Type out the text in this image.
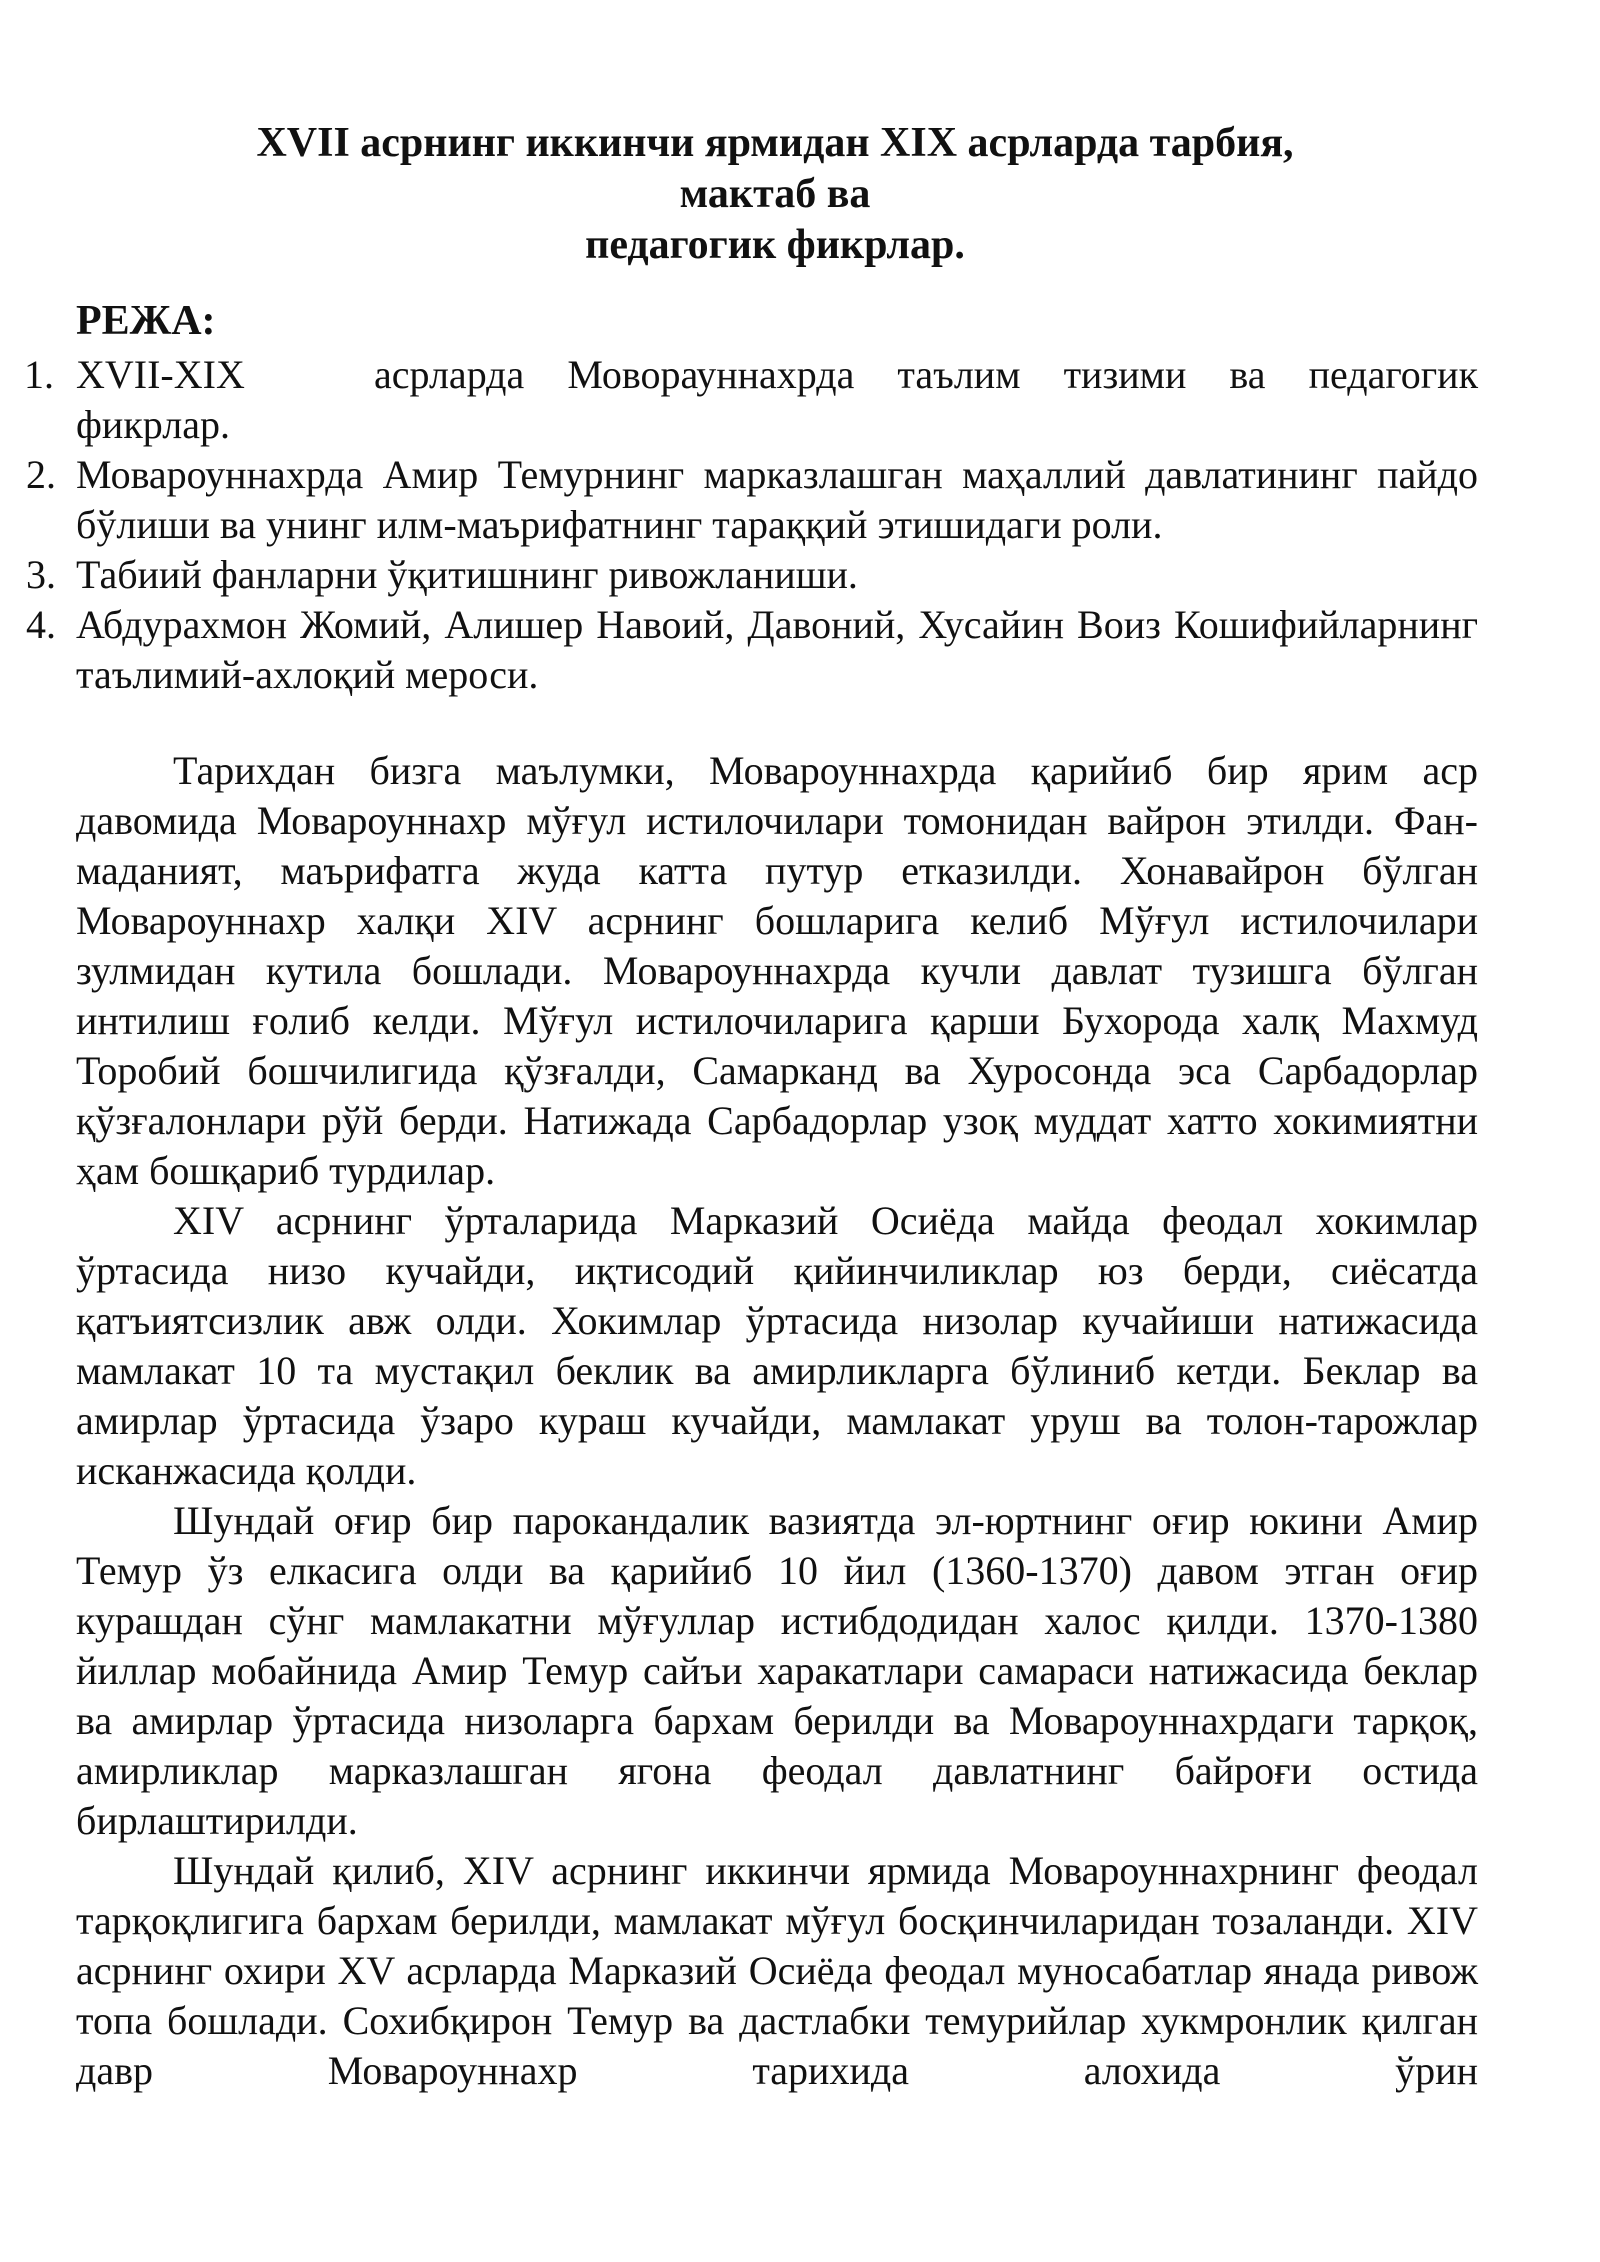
XVII асрнинг иккинчи ярмидан XIX асрларда тарбия,
мактаб ва
педагогик фикрлар.
РЕЖА:
1. XVII-XIX   асрларда Моворауннахрда таълим тизими ва педагогик
фикрлар.
2. Мовароуннахрда Амир Темурнинг марказлашган маҳаллий давлатининг пайдо бўлиши ва унинг илм-маърифатнинг тараққий этишидаги роли.
3. Табиий фанларни ўқитишнинг ривожланиши.
4. Абдурахмон Жомий, Алишер Навоий, Давоний, Хусайин Воиз Кошифийларнинг таълимий-ахлоқий мероси.

Тарихдан бизга маълумки, Мовароуннахрда қарийиб бир ярим аср давомида Мовароуннахр мўғул истилочилари томонидан вайрон этилди. Фан- маданият, маърифатга жуда катта путур етказилди. Хонавайрон бўлган Мовароуннахр халқи XIV асрнинг бошларига келиб Мўғул истилочилари зулмидан кутила бошлади. Мовароуннахрда кучли давлат тузишга бўлган интилиш ғолиб келди. Мўғул истилочиларига қарши Бухорода халқ Махмуд Торобий бошчилигида қўзғалди, Самарканд ва Хуросонда эса Сарбадорлар қўзғалонлари рўй берди. Натижада Сарбадорлар узоқ муддат хатто хокимиятни ҳам бошқариб турдилар.

XIV асрнинг ўрталарида Марказий Осиёда майда феодал хокимлар ўртасида низо кучайди, иқтисодий қийинчиликлар юз берди, сиёсатда қатъиятсизлик авж олди. Хокимлар ўртасида низолар кучайиши натижасида мамлакат 10 та мустақил беклик ва амирликларга бўлиниб кетди. Беклар ва амирлар ўртасида ўзаро кураш кучайди, мамлакат уруш ва толон-тарожлар исканжасида қолди.

Шундай оғир бир парокандалик вазиятда эл-юртнинг оғир юкини Амир Темур ўз елкасига олди ва қарийиб 10 йил (1360-1370) давом этган оғир курашдан сўнг мамлакатни мўғуллар истибдодидан халос қилди. 1370-1380 йиллар мобайнида Амир Темур сайъи харакатлари самараси натижасида беклар ва амирлар ўртасида низоларга бархам берилди ва Мовароуннахрдаги тарқоқ, амирликлар марказлашган ягона феодал давлатнинг байроғи остида бирлаштирилди.

Шундай қилиб, XIV асрнинг иккинчи ярмида Мовароуннахрнинг феодал тарқоқлигига бархам берилди, мамлакат мўғул босқинчиларидан тозаланди. XIV асрнинг охири XV асрларда Марказий Осиёда феодал муносабатлар янада ривож топа бошлади. Сохибқирон Темур ва дастлабки темурийлар хукмронлик қилган давр Мовароуннахр тарихида алохида ўрин
